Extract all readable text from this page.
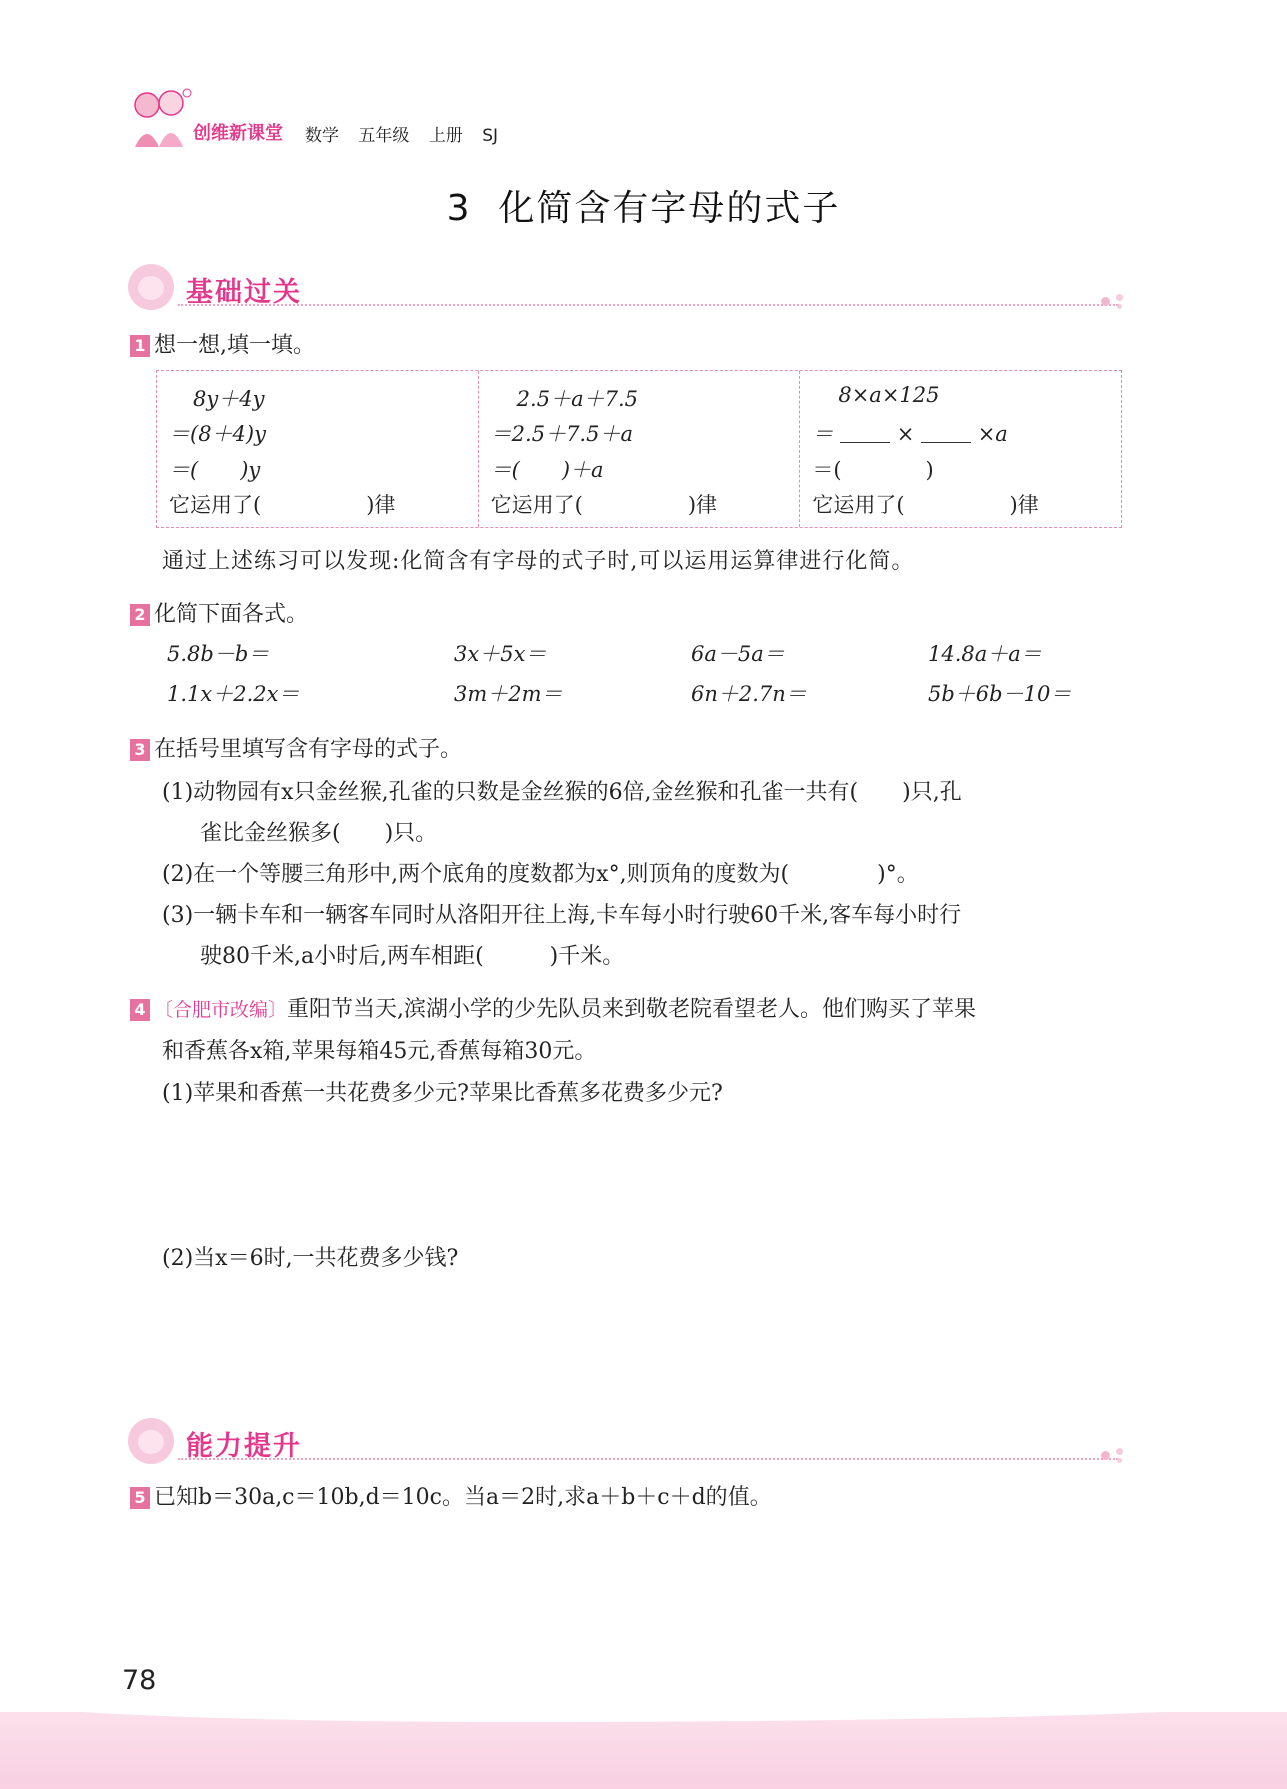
创维新课堂 数学 五年级 上册 SJ
3  化简含有字母的式子
基础过关
1 想一想,填一填。
8y＋4y
＝(8＋4)y
＝(　　)y
它运用了(　　　　　)律
2.5＋a＋7.5
＝2.5＋7.5＋a
＝(　　)＋a
它运用了(　　　　　)律
8×a×125
＝	×	×a
＝(　　　　)
它运用了(　　　　　)律
通过上述练习可以发现:化简含有字母的式子时,可以运用运算律进行化简。
2 化简下面各式。
5.8b－b＝	3x＋5x＝	6a－5a＝	14.8a＋a＝
1.1x＋2.2x＝	3m＋2m＝	6n＋2.7n＝	5b＋6b－10＝
3 在括号里填写含有字母的式子。
(1)动物园有x只金丝猴,孔雀的只数是金丝猴的6倍,金丝猴和孔雀一共有(　　)只,孔
雀比金丝猴多(　　)只。
(2)在一个等腰三角形中,两个底角的度数都为x°,则顶角的度数为(　　　　)°。
(3)一辆卡车和一辆客车同时从洛阳开往上海,卡车每小时行驶60千米,客车每小时行
驶80千米,a小时后,两车相距(　　　)千米。
4 〔合肥市改编〕重阳节当天,滨湖小学的少先队员来到敬老院看望老人。他们购买了苹果
和香蕉各x箱,苹果每箱45元,香蕉每箱30元。
(1)苹果和香蕉一共花费多少元?苹果比香蕉多花费多少元?
(2)当x＝6时,一共花费多少钱?
能力提升
5 已知b＝30a,c＝10b,d＝10c。当a＝2时,求a＋b＋c＋d的值。
78
